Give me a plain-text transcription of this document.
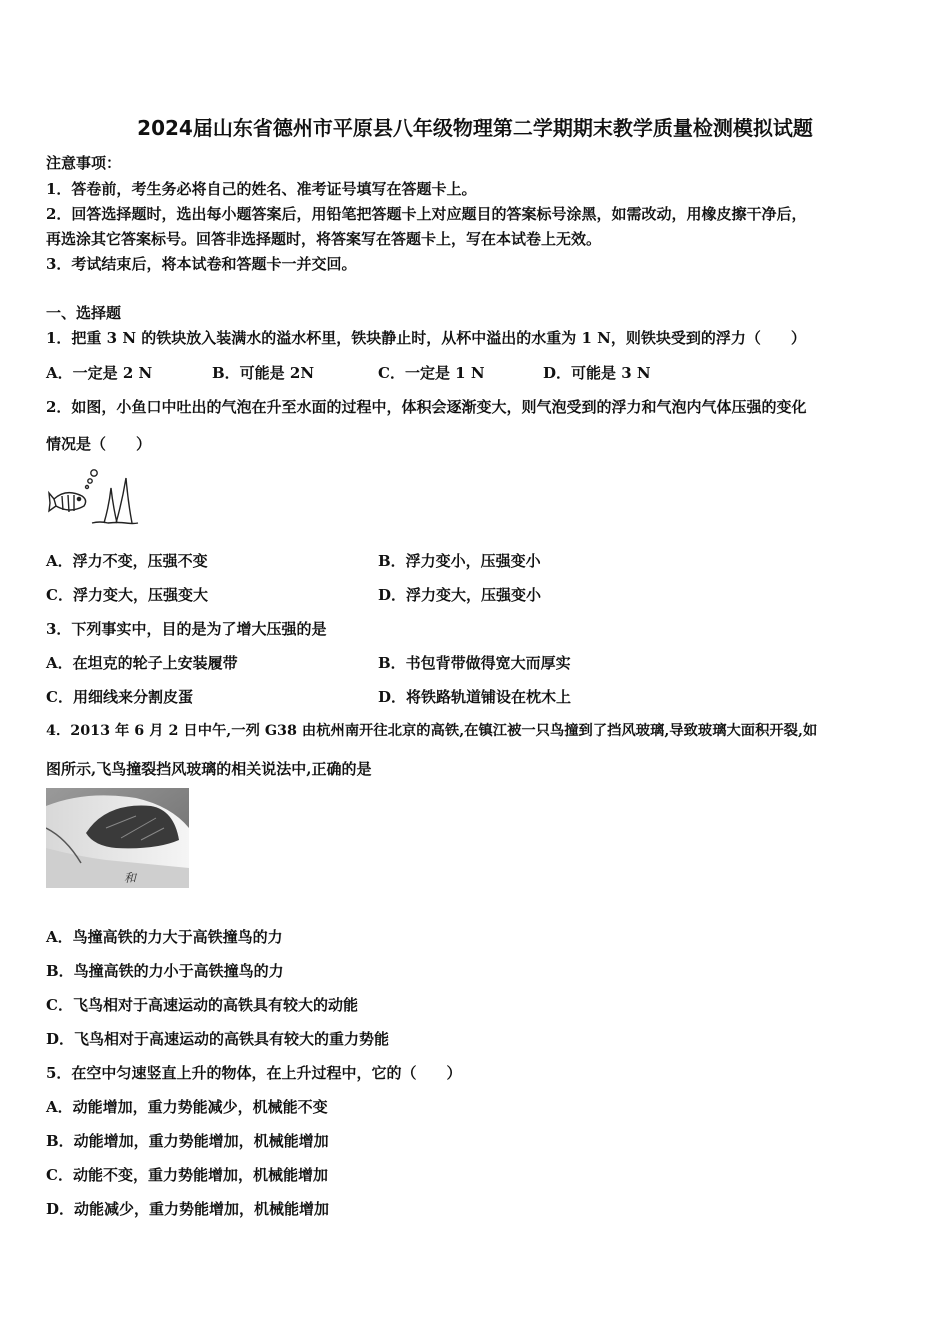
2024届山东省德州市平原县八年级物理第二学期期末教学质量检测模拟试题
注意事项：
1．答卷前，考生务必将自己的姓名、准考证号填写在答题卡上。
2．回答选择题时，选出每小题答案后，用铅笔把答题卡上对应题目的答案标号涂黑，如需改动，用橡皮擦干净后，
再选涂其它答案标号。回答非选择题时，将答案写在答题卡上，写在本试卷上无效。
3．考试结束后，将本试卷和答题卡一并交回。
一、选择题
1．把重 3 N 的铁块放入装满水的溢水杯里，铁块静止时，从杯中溢出的水重为 1 N，则铁块受到的浮力（　　）
A．一定是 2 N	B．可能是 2N	C．一定是 1 N	D．可能是 3 N
2．如图，小鱼口中吐出的气泡在升至水面的过程中，体积会逐渐变大，则气泡受到的浮力和气泡内气体压强的变化
情况是（　　）
A．浮力不变，压强不变	B．浮力变小，压强变小
C．浮力变大，压强变大	D．浮力变大，压强变小
3．下列事实中，目的是为了增大压强的是
A．在坦克的轮子上安装履带	B．书包背带做得宽大而厚实
C．用细线来分割皮蛋	D．将铁路轨道铺设在枕木上
4．2013 年 6 月 2 日中午,一列 G38 由杭州南开往北京的高铁,在镇江被一只鸟撞到了挡风玻璃,导致玻璃大面积开裂,如
图所示,飞鸟撞裂挡风玻璃的相关说法中,正确的是
和
A．鸟撞高铁的力大于高铁撞鸟的力
B．鸟撞高铁的力小于高铁撞鸟的力
C．飞鸟相对于高速运动的高铁具有较大的动能
D．飞鸟相对于高速运动的高铁具有较大的重力势能
5．在空中匀速竖直上升的物体，在上升过程中，它的（　　）
A．动能增加，重力势能减少，机械能不变
B．动能增加，重力势能增加，机械能增加
C．动能不变，重力势能增加，机械能增加
D．动能减少，重力势能增加，机械能增加
